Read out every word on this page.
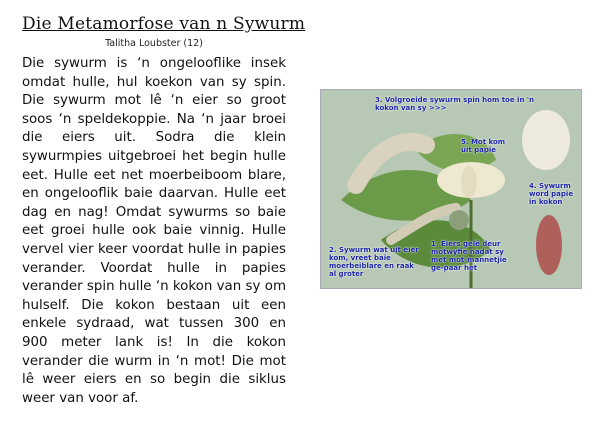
Die Metamorfose van n Sywurm
Talitha Loubster (12)
Die sywurm is ‘n ongelooflike insek omdat hulle, hul koekon van sy spin. Die sywurm mot lê ‘n eier so groot soos ‘n speldekoppie. Na ‘n jaar broei die eiers uit. Sodra die klein sywurmpies uitgebroei het begin hulle eet. Hulle eet net moerbeiboom blare, en ongelooflik baie daarvan. Hulle eet dag en nag! Omdat sywurms so baie eet groei hulle ook baie vinnig. Hulle vervel vier keer voordat hulle in papies verander. Voordat hulle in papies verander spin hulle ‘n kokon van sy om hulself. Die kokon bestaan uit een enkele sydraad, wat tussen 300 en 900 meter lank is! In die kokon verander die wurm in ‘n mot! Die mot lê weer eiers en so begin die siklus weer van voor af.
3. Volgroeide sywurm spin hom toe in 'n kokon van sy >>>
5. Mot kom uit papie
4. Sywurm word papie in kokon
2. Sywurm wat uit eier kom, vreet baie moerbeiblare en raak al groter
1. Eiers gelê deur motwyfie nadat sy met mot-mannetjie ge-paar het
